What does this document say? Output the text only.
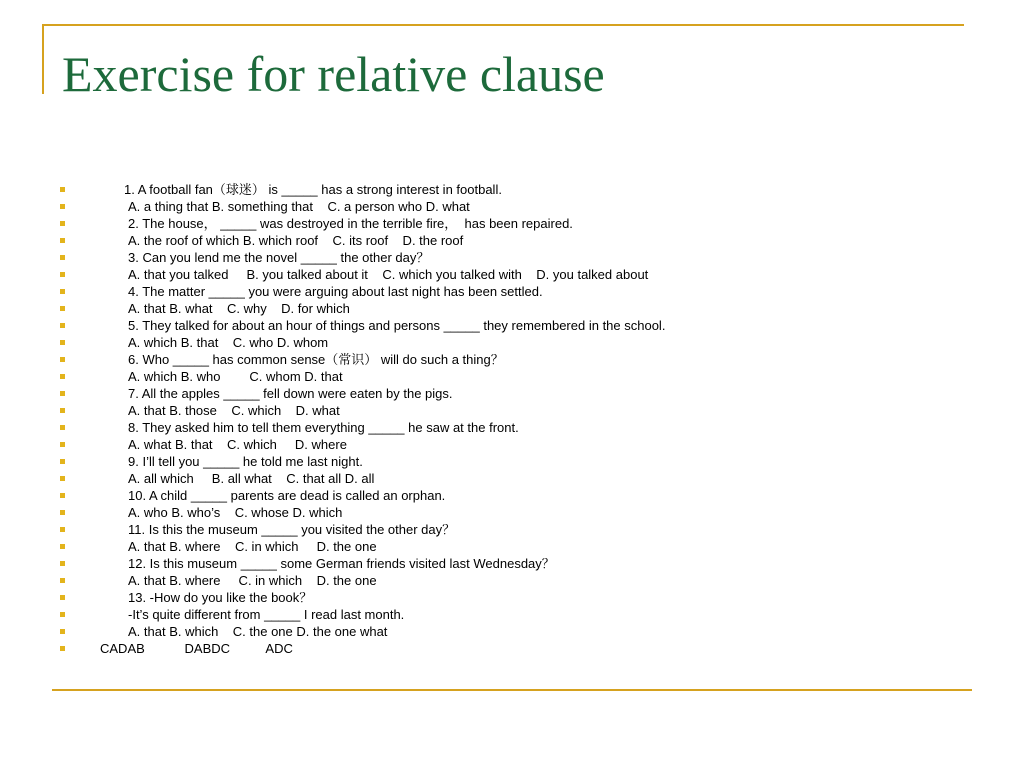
Exercise for relative clause
1. A football fan（球迷） is _____ has a strong interest in football.
A. a thing that B. something that    C. a person who D. what
2. The house， _____ was destroyed in the terrible fire，  has been repaired.
A. the roof of which B. which roof    C. its roof    D. the roof
3. Can you lend me the novel _____ the other day？
A. that you talked     B. you talked about it    C. which you talked with    D. you talked about
4. The matter _____ you were arguing about last night has been settled.
A. that B. what    C. why    D. for which
5. They talked for about an hour of things and persons _____ they remembered in the school.
A. which B. that    C. who D. whom
6. Who _____ has common sense（常识） will do such a thing？
A. which B. who        C. whom D. that
7. All the apples _____ fell down were eaten by the pigs.
A. that B. those    C. which    D. what
8. They asked him to tell them everything _____ he saw at the front.
A. what B. that    C. which     D. where
9. I’ll tell you _____ he told me last night.
A. all which     B. all what    C. that all D. all
10. A child _____ parents are dead is called an orphan.
A. who B. who’s    C. whose D. which
11. Is this the museum _____ you visited the other day？
A. that B. where    C. in which     D. the one
12. Is this museum _____ some German friends visited last Wednesday？
A. that B. where     C. in which    D. the one
13. -How do you like the book？
-It’s quite different from _____ I read last month.
A. that B. which    C. the one D. the one what
CADAB           DABDC          ADC
